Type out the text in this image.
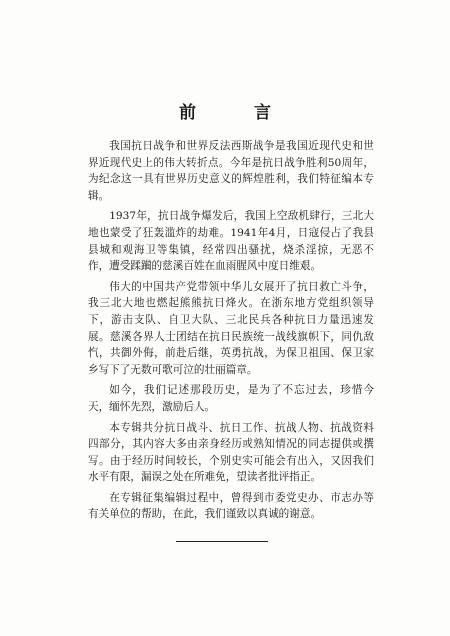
前 言

我国抗日战争和世界反法西斯战争是我国近现代史和世界近现代史上的伟大转折点。今年是抗日战争胜利50周年，为纪念这一具有世界历史意义的辉煌胜利，我们特征编本专辑。

1937年，抗日战争爆发后，我国上空敌机肆行，三北大地也蒙受了狂轰滥炸的劫难。1941年4月，日寇侵占了我县县城和观海卫等集镇，经常四出骚扰，烧杀淫掠，无恶不作，遭受蹂躏的慈溪百姓在血雨腥风中度日维艰。

伟大的中国共产党带领中华儿女展开了抗日救亡斗争，我三北大地也燃起熊熊抗日烽火。在浙东地方党组织领导下，游击支队、自卫大队、三北民兵各种抗日力量迅速发展。慈溪各界人士团结在抗日民族统一战线旗帜下，同仇敌忾，共御外侮，前赴后继，英勇抗战，为保卫祖国、保卫家乡写下了无数可歌可泣的壮丽篇章。

如今，我们记述那段历史，是为了不忘过去，珍惜今天，缅怀先烈，激励后人。

本专辑共分抗日战斗、抗日工作、抗战人物、抗战资料四部分，其内容大多由亲身经历或熟知情况的同志提供或撰写。由于经历时间较长，个别史实可能会有出入，又因我们水平有限，漏误之处在所难免，望读者批评指正。

在专辑征集编辑过程中，曾得到市委党史办、市志办等有关单位的帮助，在此，我们谨致以真诚的谢意。
